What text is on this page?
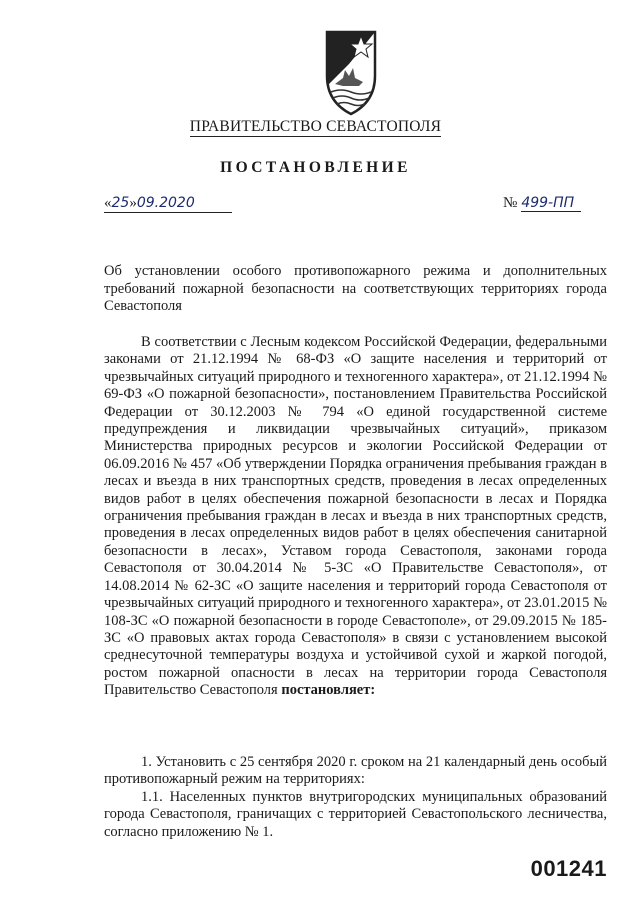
ПРАВИТЕЛЬСТВО СЕВАСТОПОЛЯ
ПОСТАНОВЛЕНИЕ
«25»09.2020	№ 499-ПП
Об установлении особого противопожарного режима и дополнительных требований пожарной безопасности на соответствующих территориях города Севастополя

В соответствии с Лесным кодексом Российской Федерации, федеральными законами от 21.12.1994 № 68-ФЗ «О защите населения и территорий от чрезвычайных ситуаций природного и техногенного характера», от 21.12.1994 № 69-ФЗ «О пожарной безопасности», постановлением Правительства Российской Федерации от 30.12.2003 № 794 «О единой государственной системе предупреждения и ликвидации чрезвычайных ситуаций», приказом Министерства природных ресурсов и экологии Российской Федерации от 06.09.2016 № 457 «Об утверждении Порядка ограничения пребывания граждан в лесах и въезда в них транспортных средств, проведения в лесах определенных видов работ в целях обеспечения пожарной безопасности в лесах и Порядка ограничения пребывания граждан в лесах и въезда в них транспортных средств, проведения в лесах определенных видов работ в целях обеспечения санитарной безопасности в лесах», Уставом города Севастополя, законами города Севастополя от 30.04.2014 № 5-ЗС «О Правительстве Севастополя», от 14.08.2014 № 62-ЗС «О защите населения и территорий города Севастополя от чрезвычайных ситуаций природного и техногенного характера», от 23.01.2015 № 108-ЗС «О пожарной безопасности в городе Севастополе», от 29.09.2015 № 185-ЗС «О правовых актах города Севастополя» в связи с установлением высокой среднесуточной температуры воздуха и устойчивой сухой и жаркой погодой, ростом пожарной опасности в лесах на территории города Севастополя Правительство Севастополя постановляет:

1. Установить с 25 сентября 2020 г. сроком на 21 календарный день особый противопожарный режим на территориях:

1.1. Населенных пунктов внутригородских муниципальных образований города Севастополя, граничащих с территорией Севастопольского лесничества, согласно приложению № 1.

001241
